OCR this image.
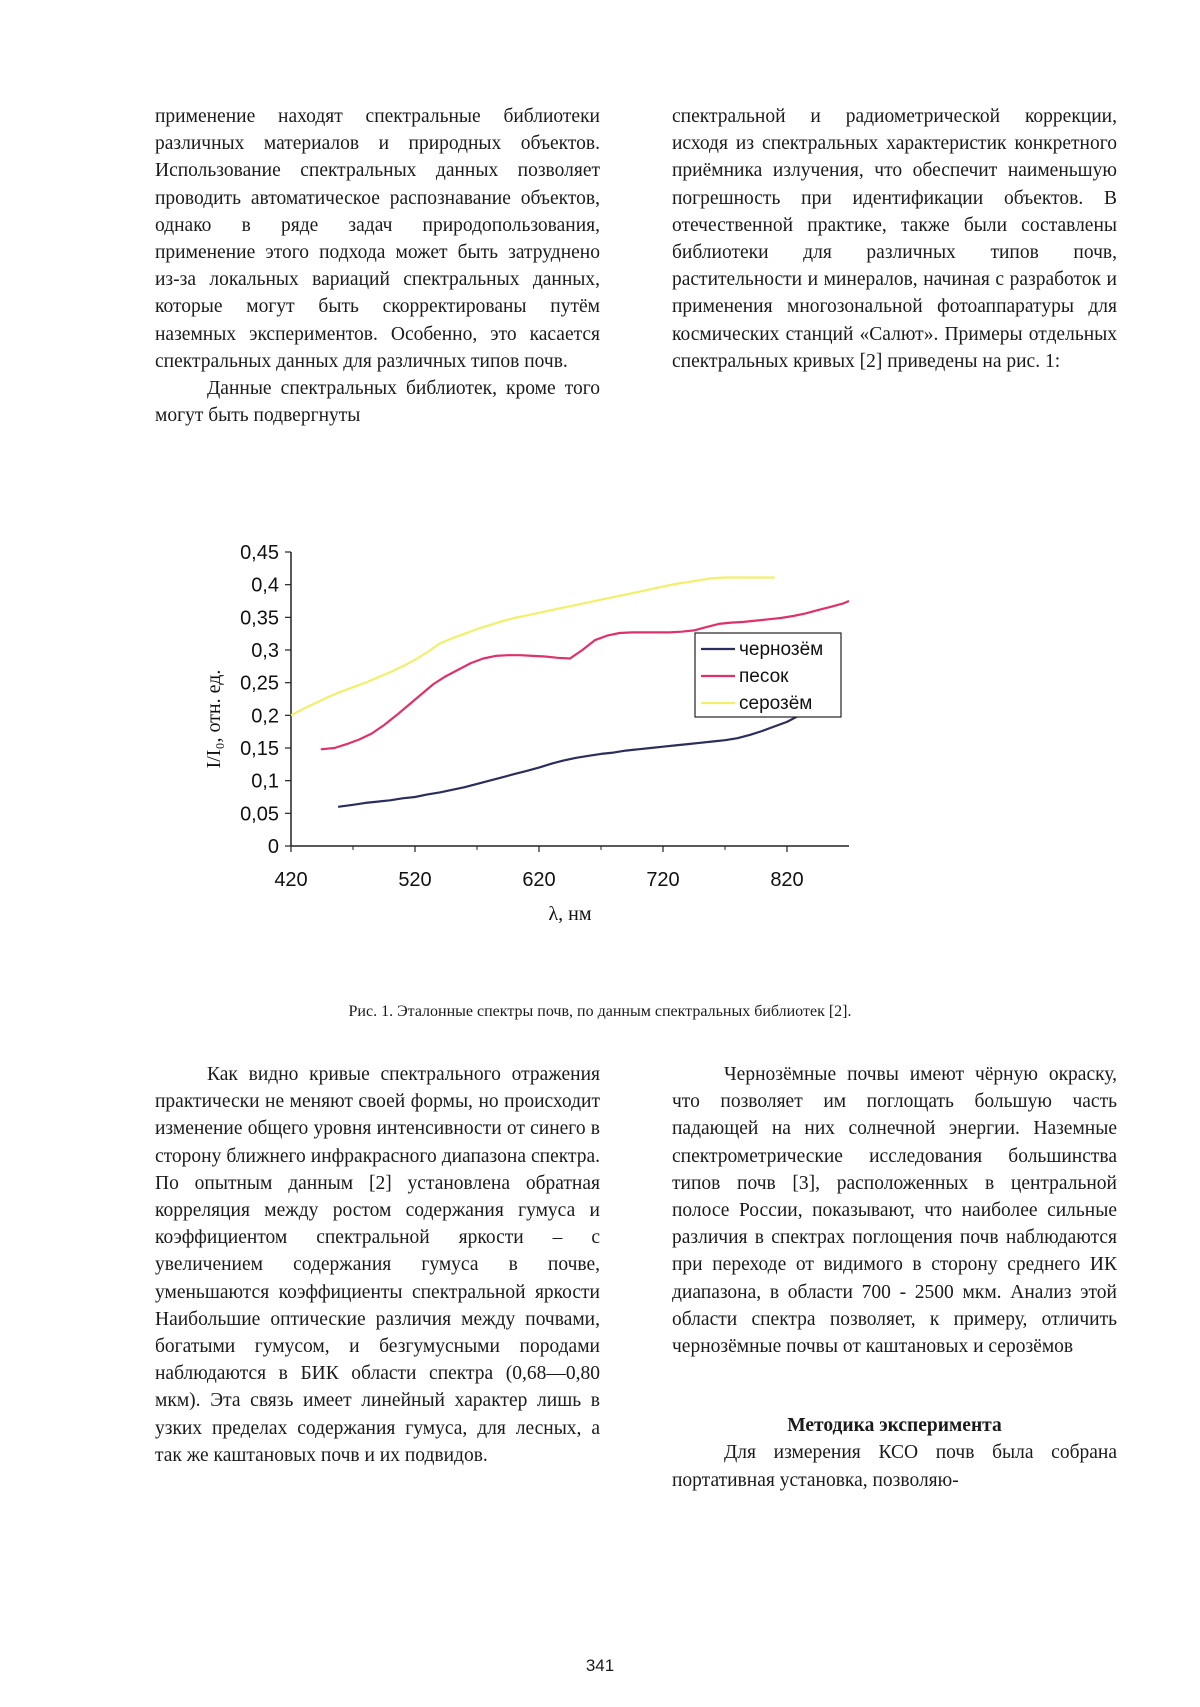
применение находят спектральные библиотеки различных материалов и природных объектов. Использование спектральных данных позволяет проводить автоматическое распознавание объектов, однако в ряде задач природопользования, применение этого подхода может быть затруднено из-за локальных вариаций спектральных данных, которые могут быть скорректированы путём наземных экспериментов. Особенно, это касается спектральных данных для различных типов почв.

Данные спектральных библиотек, кроме того могут быть подвергнуты

спектральной и радиометрической коррекции, исходя из спектральных характеристик конкретного приёмника излучения, что обеспечит наименьшую погрешность при идентификации объектов. В отечественной практике, также были составлены библиотеки для различных типов почв, растительности и минералов, начиная с разработок и применения многозональной фотоаппаратуры для космических станций «Салют». Примеры отдельных спектральных кривых [2] приведены на рис. 1:

0
0,05
0,1
0,15
0,2
0,25
0,3
0,35
0,4
0,45
420	520	620	720	820
λ, нм
I/I₀, отн. ед.
чернозём
песок
серозём
Рис. 1. Эталонные спектры почв, по данным спектральных библиотек [2].

Как видно кривые спектрального отражения практически не меняют своей формы, но происходит изменение общего уровня интенсивности от синего в сторону ближнего инфракрасного диапазона спектра. По опытным данным [2] установлена обратная корреляция между ростом содержания гумуса и коэффициентом спектральной яркости – с увеличением содержания гумуса в почве, уменьшаются коэффициенты спектральной яркости Наибольшие оптические различия между почвами, богатыми гумусом, и безгумусными породами наблюдаются в БИК области спектра (0,68—0,80 мкм). Эта связь имеет линейный характер лишь в узких пределах содержания гумуса, для лесных, а так же каштановых почв и их подвидов.

Чернозёмные почвы имеют чёрную окраску, что позволяет им поглощать большую часть падающей на них солнечной энергии. Наземные спектрометрические исследования большинства типов почв [3], расположенных в центральной полосе России, показывают, что наиболее сильные различия в спектрах поглощения почв наблюдаются при переходе от видимого в сторону среднего ИК диапазона, в области 700 - 2500 мкм. Анализ этой области спектра позволяет, к примеру, отличить чернозёмные почвы от каштановых и серозёмов

Методика эксперимента

Для измерения КСО почв была собрана портативная установка, позволяю-

341
